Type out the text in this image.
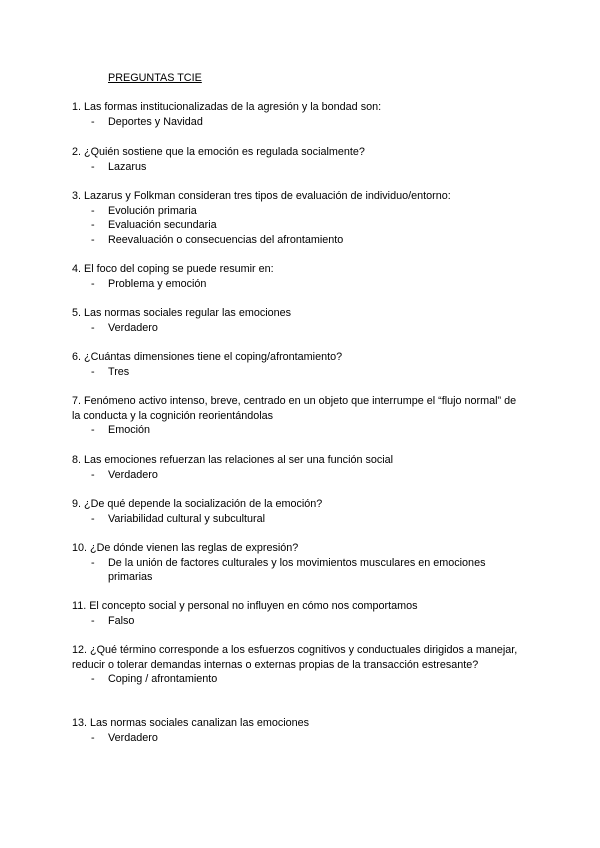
PREGUNTAS TCIE

1. Las formas institucionalizadas de la agresión y la bondad son:

- Deportes y Navidad

2. ¿Quién sostiene que la emoción es regulada socialmente?

- Lazarus

3. Lazarus y Folkman consideran tres tipos de evaluación de individuo/entorno:

- Evolución primaria
- Evaluación secundaria
- Reevaluación o consecuencias del afrontamiento

4. El foco del coping se puede resumir en:

- Problema y emoción

5. Las normas sociales regular las emociones

- Verdadero

6. ¿Cuántas dimensiones tiene el coping/afrontamiento?

- Tres

7. Fenómeno activo intenso, breve, centrado en un objeto que interrumpe el “flujo normal” de la conducta y la cognición reorientándolas

- Emoción

8. Las emociones refuerzan las relaciones al ser una función social

- Verdadero

9. ¿De qué depende la socialización de la emoción?

- Variabilidad cultural y subcultural

10. ¿De dónde vienen las reglas de expresión?

- De la unión de factores culturales y los movimientos musculares en emociones primarias

11. El concepto social y personal no influyen en cómo nos comportamos

- Falso

12. ¿Qué término corresponde a los esfuerzos cognitivos y conductuales dirigidos a manejar, reducir o tolerar demandas internas o externas propias de la transacción estresante?

- Coping / afrontamiento

13. Las normas sociales canalizan las emociones

- Verdadero
